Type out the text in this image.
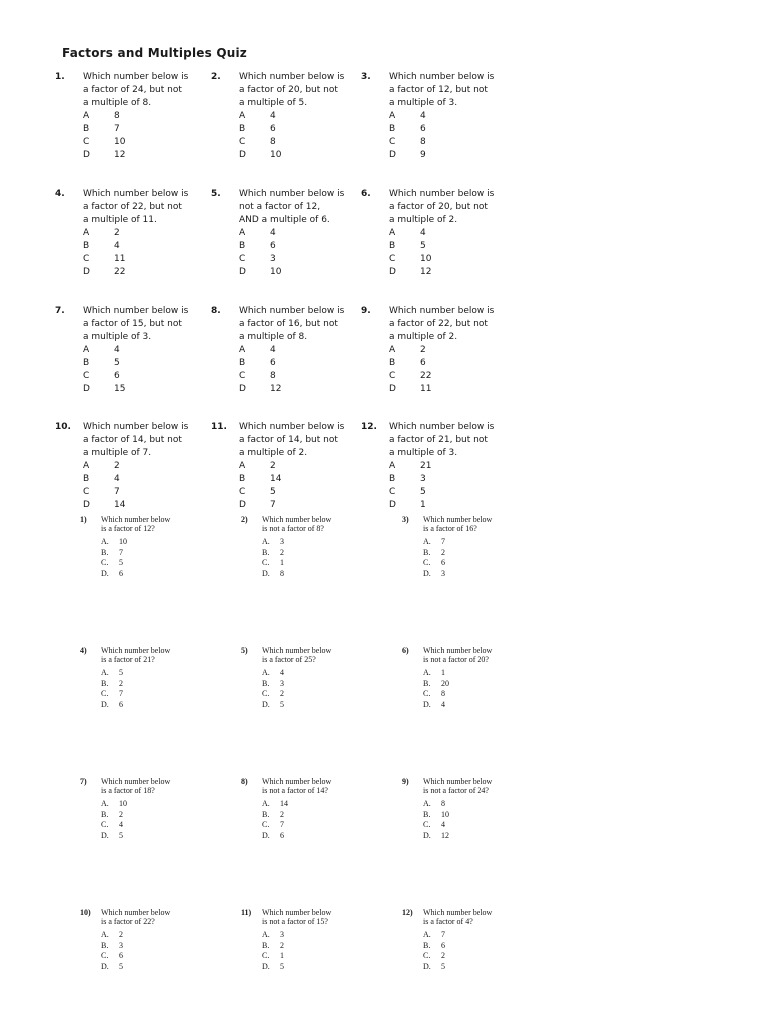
Factors and Multiples Quiz
1. Which number below is
a factor of 24, but not
a multiple of 8.
A	8
B	7
C	10
D	12
2. Which number below is
a factor of 20, but not
a multiple of 5.
A	4
B	6
C	8
D	10
3. Which number below is
a factor of 12, but not
a multiple of 3.
A	4
B	6
C	8
D	9
4. Which number below is
a factor of 22, but not
a multiple of 11.
A	2
B	4
C	11
D	22
5. Which number below is
not a factor of 12,
AND a multiple of 6.
A	4
B	6
C	3
D	10
6. Which number below is
a factor of 20, but not
a multiple of 2.
A	4
B	5
C	10
D	12
7. Which number below is
a factor of 15, but not
a multiple of 3.
A	4
B	5
C	6
D	15
8. Which number below is
a factor of 16, but not
a multiple of 8.
A	4
B	6
C	8
D	12
9. Which number below is
a factor of 22, but not
a multiple of 2.
A	2
B	6
C	22
D	11
10. Which number below is
a factor of 14, but not
a multiple of 7.
A	2
B	4
C	7
D	14
11. Which number below is
a factor of 14, but not
a multiple of 2.
A	2
B	14
C	5
D	7
12. Which number below is
a factor of 21, but not
a multiple of 3.
A	21
B	3
C	5
D	1
1) Which number below
is a factor of 12?
A.	10
B.	7
C.	5
D.	6
2) Which number below
is not a factor of 8?
A.	3
B.	2
C.	1
D.	8
3) Which number below
is a factor of 16?
A.	7
B.	2
C.	6
D.	3
4) Which number below
is a factor of 21?
A.	5
B.	2
C.	7
D.	6
5) Which number below
is a factor of 25?
A.	4
B.	3
C.	2
D.	5
6) Which number below
is not a factor of 20?
A.	1
B.	20
C.	8
D.	4
7) Which number below
is a factor of 18?
A.	10
B.	2
C.	4
D.	5
8) Which number below
is not a factor of 14?
A.	14
B.	2
C.	7
D.	6
9) Which number below
is not a factor of 24?
A.	8
B.	10
C.	4
D.	12
10) Which number below
is a factor of 22?
A.	2
B.	3
C.	6
D.	5
11) Which number below
is not a factor of 15?
A.	3
B.	2
C.	1
D.	5
12) Which number below
is a factor of 4?
A.	7
B.	6
C.	2
D.	5
